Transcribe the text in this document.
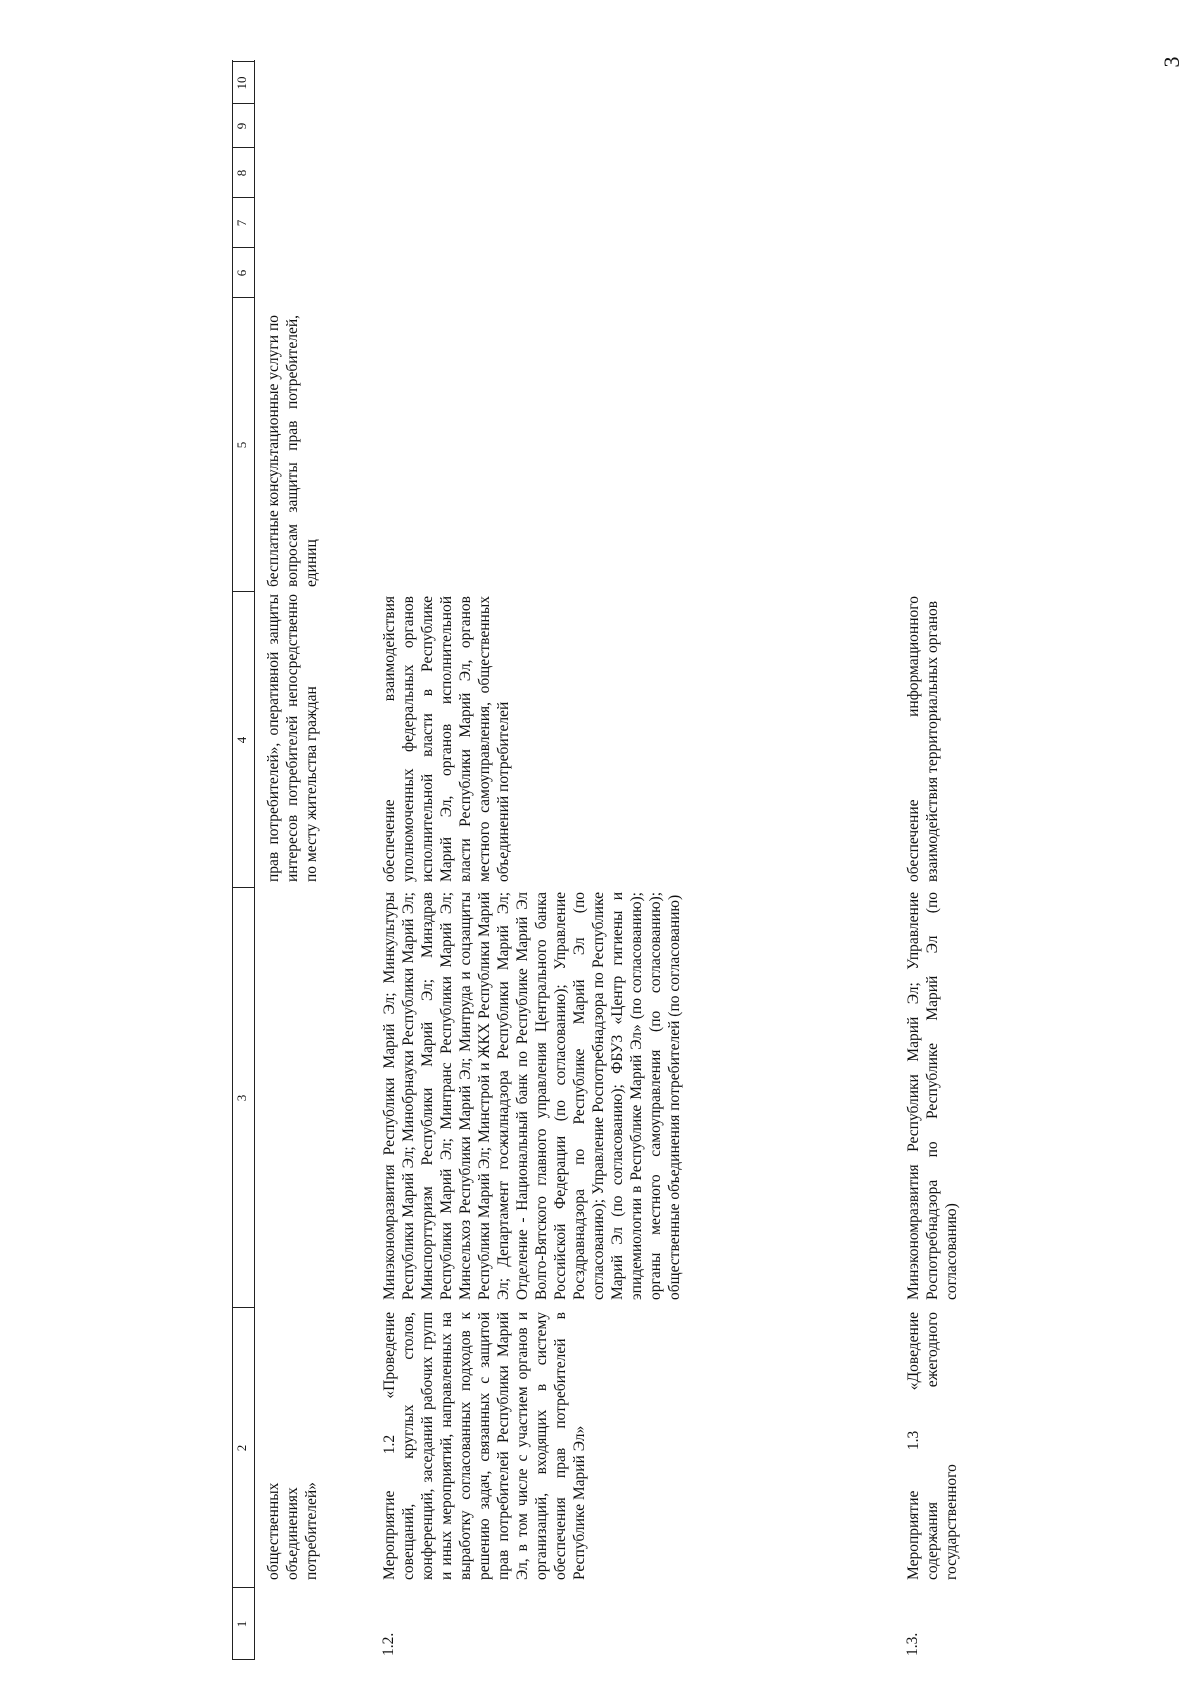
3
1
2
3
4
5
6
7
8
9
10
общественных объединениях потребителей»
прав потребителей», оперативной защиты интересов потребителей непосредственно по месту жительства граждан
бесплатные консультационные услуги по вопросам защиты прав потребителей, единиц
1.2.
Мероприятие 1.2 «Проведение совещаний, круглых столов, конференций, заседаний рабочих групп и иных мероприятий, направленных на выработку согласованных подходов к решению задач, связанных с защитой прав потребителей Республики Марий Эл, в том числе с участием органов и организаций, входящих в систему обеспечения прав потребителей в Республике Марий Эл»
Минэкономразвития Республики Марий Эл; Минкультуры Республики Марий Эл; Минобрнауки Республики Марий Эл; Минспорттуризм Республики Марий Эл; Минздрав Республики Марий Эл; Минтранс Республики Марий Эл; Минсельхоз Республики Марий Эл; Минтруда и соцзащиты Республики Марий Эл; Минстрой и ЖКХ Республики Марий Эл; Департамент госжилнадзора Республики Марий Эл; Отделение - Национальный банк по Республике Марий Эл Волго-Вятского главного управления Центрального банка Российской Федерации (по согласованию); Управление Росздравнадзора по Республике Марий Эл (по согласованию); Управление Роспотребнадзора по Республике Марий Эл (по согласованию); ФБУЗ «Центр гигиены и эпидемиологии в Республике Марий Эл» (по согласованию); органы местного самоуправления (по согласованию); общественные объединения потребителей (по согласованию)
обеспечение взаимодействия уполномоченных федеральных органов исполнительной власти в Республике Марий Эл, органов исполнительной власти Республики Марий Эл, органов местного самоуправления, общественных объединений потребителей
1.3.
Мероприятие 1.3 «Доведение содержания ежегодного государственного
Минэкономразвития Республики Марий Эл; Управление Роспотребнадзора по Республике Марий Эл (по согласованию)
обеспечение информационного взаимодействия территориальных органов
